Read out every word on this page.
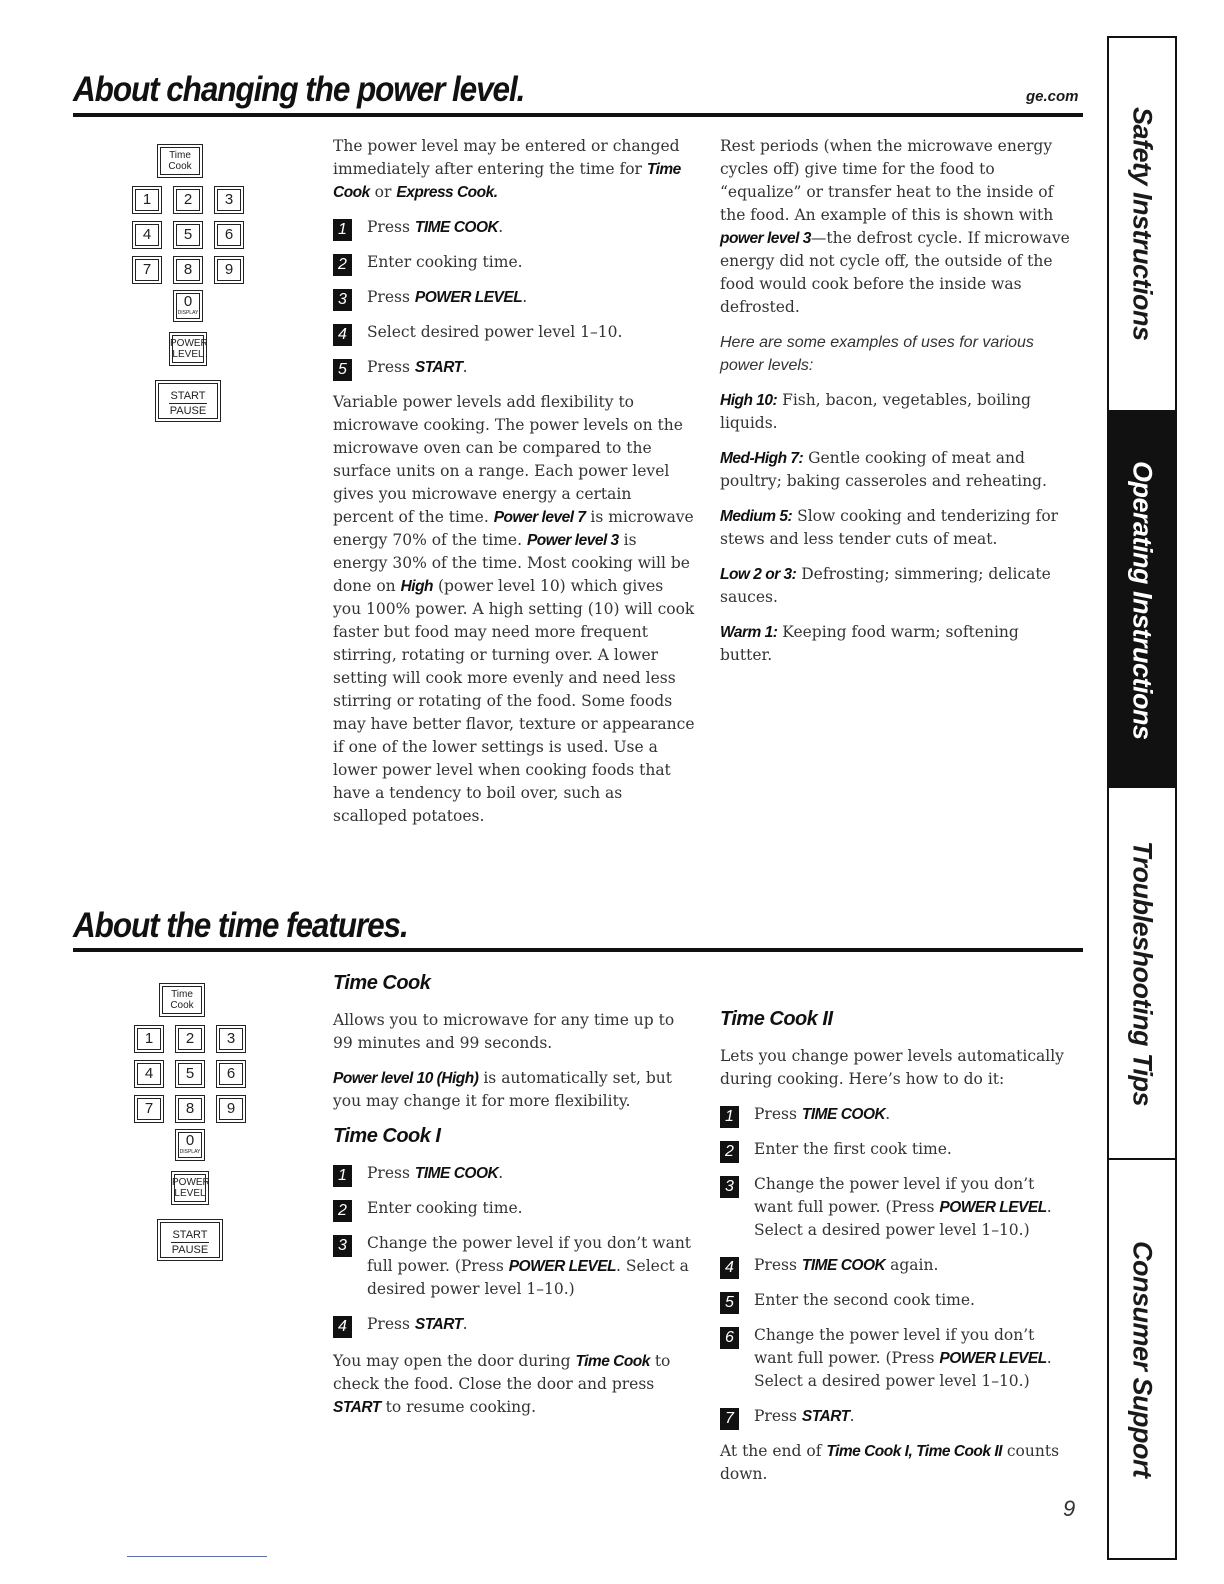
About changing the power level.	ge.com
Time
Cook
1	2	3
4	5	6
7	8	9
0
DISPLAY
POWER
LEVEL
START
PAUSE

The power level may be entered or changed immediately after entering the time for Time Cook or Express Cook.

1	Press TIME COOK.
2	Enter cooking time.
3	Press POWER LEVEL.
4	Select desired power level 1–10.
5	Press START.

Variable power levels add flexibility to microwave cooking. The power levels on the microwave oven can be compared to the surface units on a range. Each power level gives you microwave energy a certain percent of the time. Power level 7 is microwave energy 70% of the time. Power level 3 is energy 30% of the time. Most cooking will be done on High (power level 10) which gives you 100% power. A high setting (10) will cook faster but food may need more frequent stirring, rotating or turning over. A lower setting will cook more evenly and need less stirring or rotating of the food. Some foods may have better flavor, texture or appearance if one of the lower settings is used. Use a lower power level when cooking foods that have a tendency to boil over, such as scalloped potatoes.

Rest periods (when the microwave energy cycles off) give time for the food to “equalize” or transfer heat to the inside of the food. An example of this is shown with power level 3—the defrost cycle. If microwave energy did not cycle off, the outside of the food would cook before the inside was defrosted.

Here are some examples of uses for various power levels:

High 10: Fish, bacon, vegetables, boiling liquids.

Med-High 7: Gentle cooking of meat and poultry; baking casseroles and reheating.

Medium 5: Slow cooking and tenderizing for stews and less tender cuts of meat.

Low 2 or 3: Defrosting; simmering; delicate sauces.

Warm 1: Keeping food warm; softening butter.

About the time features.
Time
Cook
1	2	3
4	5	6
7	8	9
0
DISPLAY
POWER
LEVEL
START
PAUSE
Time Cook

Allows you to microwave for any time up to 99 minutes and 99 seconds.

Power level 10 (High) is automatically set, but you may change it for more flexibility.

Time Cook I
1	Press TIME COOK.
2	Enter cooking time.
3	Change the power level if you don’t want full power. (Press POWER LEVEL. Select a desired power level 1–10.)
4	Press START.

You may open the door during Time Cook to check the food. Close the door and press START to resume cooking.

Time Cook II

Lets you change power levels automatically during cooking. Here’s how to do it:

1	Press TIME COOK.
2	Enter the first cook time.
3	Change the power level if you don’t want full power. (Press POWER LEVEL. Select a desired power level 1–10.)
4	Press TIME COOK again.
5	Enter the second cook time.
6	Change the power level if you don’t want full power. (Press POWER LEVEL. Select a desired power level 1–10.)
7	Press START.

At the end of Time Cook I, Time Cook II counts down.

Safety Instructions
Operating Instructions
Troubleshooting Tips
Consumer Support
9
